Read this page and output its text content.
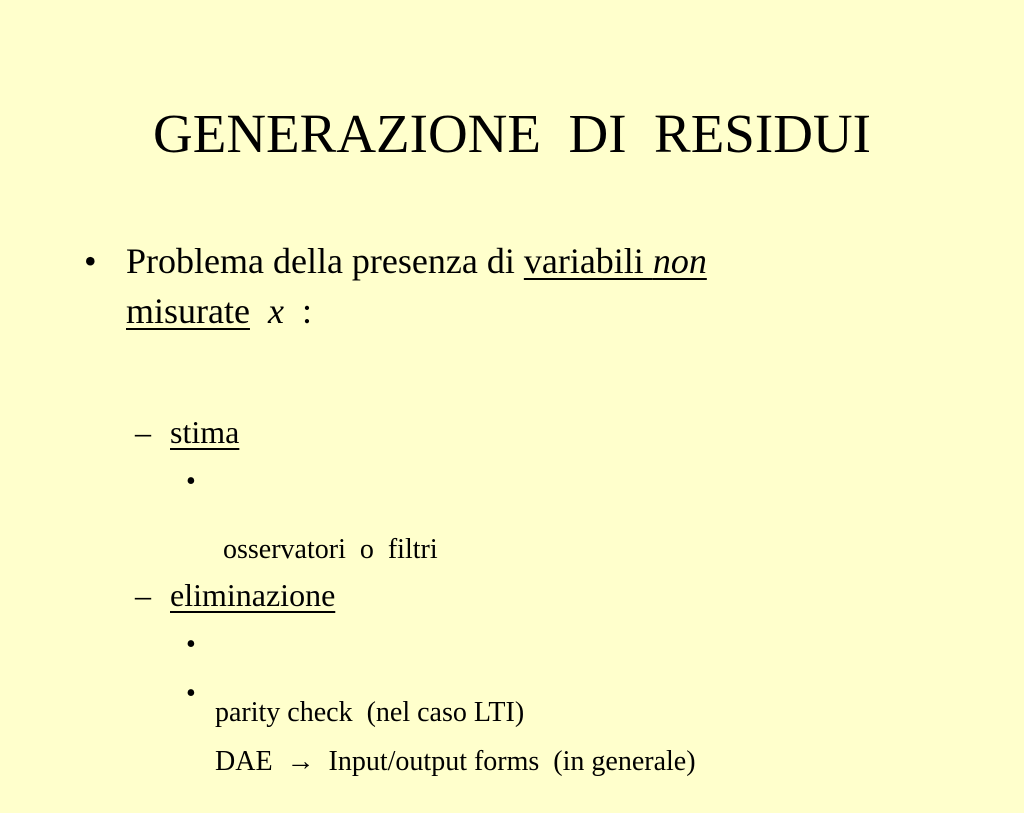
GENERAZIONE  DI  RESIDUI
• Problema della presenza di variabili non
misurate x  :

–

stima

•

osservatori  o  filtri

–

eliminazione

•

parity check  (nel caso LTI)

•

DAE  →  Input/output forms  (in generale)
